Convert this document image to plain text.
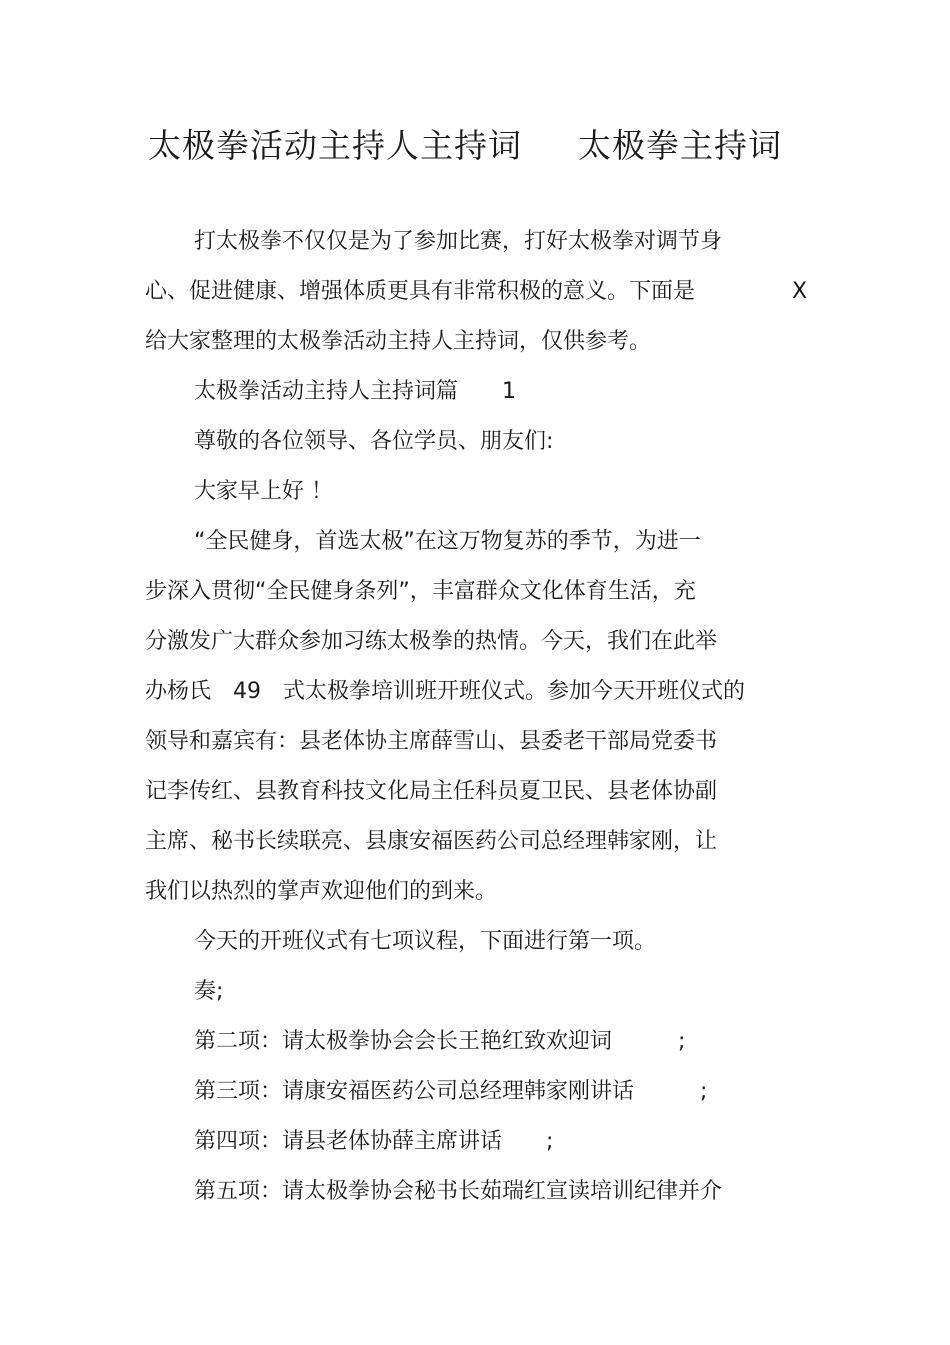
太极拳活动主持人主持词 太极拳主持词
X
打太极拳不仅仅是为了参加比赛，打好太极拳对调节身
心、促进健康、增强体质更具有非常积极的意义。下面是
给大家整理的太极拳活动主持人主持词，仅供参考。
太极拳活动主持人主持词篇　　1
尊敬的各位领导、各位学员、朋友们:
大家早上好 ！
“全民健身，首选太极”在这万物复苏的季节，为进一
步深入贯彻“全民健身条列”，丰富群众文化体育生活，充
分激发广大群众参加习练太极拳的热情。今天，我们在此举
办杨氏　49　式太极拳培训班开班仪式。参加今天开班仪式的
领导和嘉宾有：县老体协主席薛雪山、县委老干部局党委书
记李传红、县教育科技文化局主任科员夏卫民、县老体协副
主席、秘书长续联亮、县康安福医药公司总经理韩家刚，让
我们以热烈的掌声欢迎他们的到来。
今天的开班仪式有七项议程，下面进行第一项。
奏;
第二项：请太极拳协会会长王艳红致欢迎词　　　;
第三项：请康安福医药公司总经理韩家刚讲话　　　;
第四项：请县老体协薛主席讲话　　;
第五项：请太极拳协会秘书长茹瑞红宣读培训纪律并介
